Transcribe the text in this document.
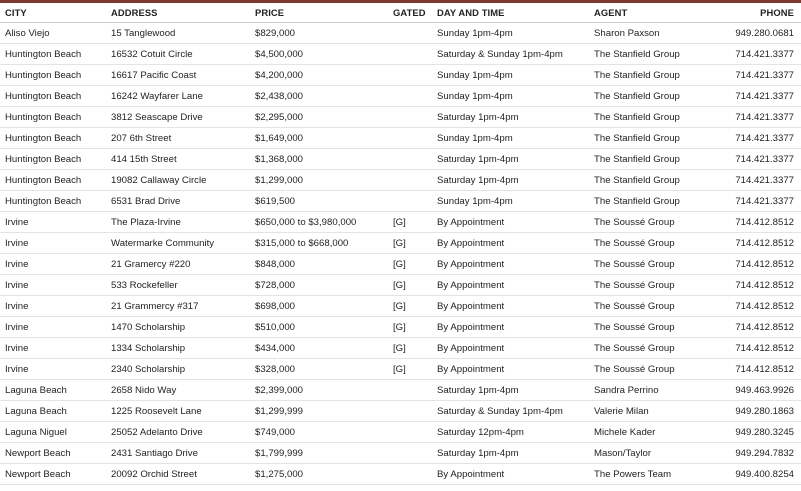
CITY	ADDRESS	PRICE	GATED	DAY AND TIME	AGENT	PHONE
Aliso Viejo	15 Tanglewood	$829,000		Sunday 1pm-4pm	Sharon Paxson	949.280.0681
Huntington Beach	16532 Cotuit Circle	$4,500,000		Saturday & Sunday 1pm-4pm	The Stanfield Group	714.421.3377
Huntington Beach	16617 Pacific Coast	$4,200,000		Sunday 1pm-4pm	The Stanfield Group	714.421.3377
Huntington Beach	16242 Wayfarer Lane	$2,438,000		Sunday 1pm-4pm	The Stanfield Group	714.421.3377
Huntington Beach	3812 Seascape Drive	$2,295,000		Saturday 1pm-4pm	The Stanfield Group	714.421.3377
Huntington Beach	207 6th Street	$1,649,000		Sunday 1pm-4pm	The Stanfield Group	714.421.3377
Huntington Beach	414 15th Street	$1,368,000		Saturday 1pm-4pm	The Stanfield Group	714.421.3377
Huntington Beach	19082 Callaway Circle	$1,299,000		Saturday 1pm-4pm	The Stanfield Group	714.421.3377
Huntington Beach	6531 Brad Drive	$619,500		Sunday 1pm-4pm	The Stanfield Group	714.421.3377
Irvine	The Plaza-Irvine	$650,000 to $3,980,000	[G]	By Appointment	The Soussé Group	714.412.8512
Irvine	Watermarke Community	$315,000 to $668,000	[G]	By Appointment	The Soussé Group	714.412.8512
Irvine	21 Gramercy #220	$848,000	[G]	By Appointment	The Soussé Group	714.412.8512
Irvine	533 Rockefeller	$728,000	[G]	By Appointment	The Soussé Group	714.412.8512
Irvine	21 Grammercy #317	$698,000	[G]	By Appointment	The Soussé Group	714.412.8512
Irvine	1470 Scholarship	$510,000	[G]	By Appointment	The Soussé Group	714.412.8512
Irvine	1334 Scholarship	$434,000	[G]	By Appointment	The Soussé Group	714.412.8512
Irvine	2340 Scholarship	$328,000	[G]	By Appointment	The Soussé Group	714.412.8512
Laguna Beach	2658 Nido Way	$2,399,000		Saturday 1pm-4pm	Sandra Perrino	949.463.9926
Laguna Beach	1225 Roosevelt Lane	$1,299,999		Saturday & Sunday 1pm-4pm	Valerie Milan	949.280.1863
Laguna Niguel	25052 Adelanto Drive	$749,000		Saturday 12pm-4pm	Michele Kader	949.280.3245
Newport Beach	2431 Santiago Drive	$1,799,999		Saturday 1pm-4pm	Mason/Taylor	949.294.7832
Newport Beach	20092 Orchid Street	$1,275,000		By Appointment	The Powers Team	949.400.8254
